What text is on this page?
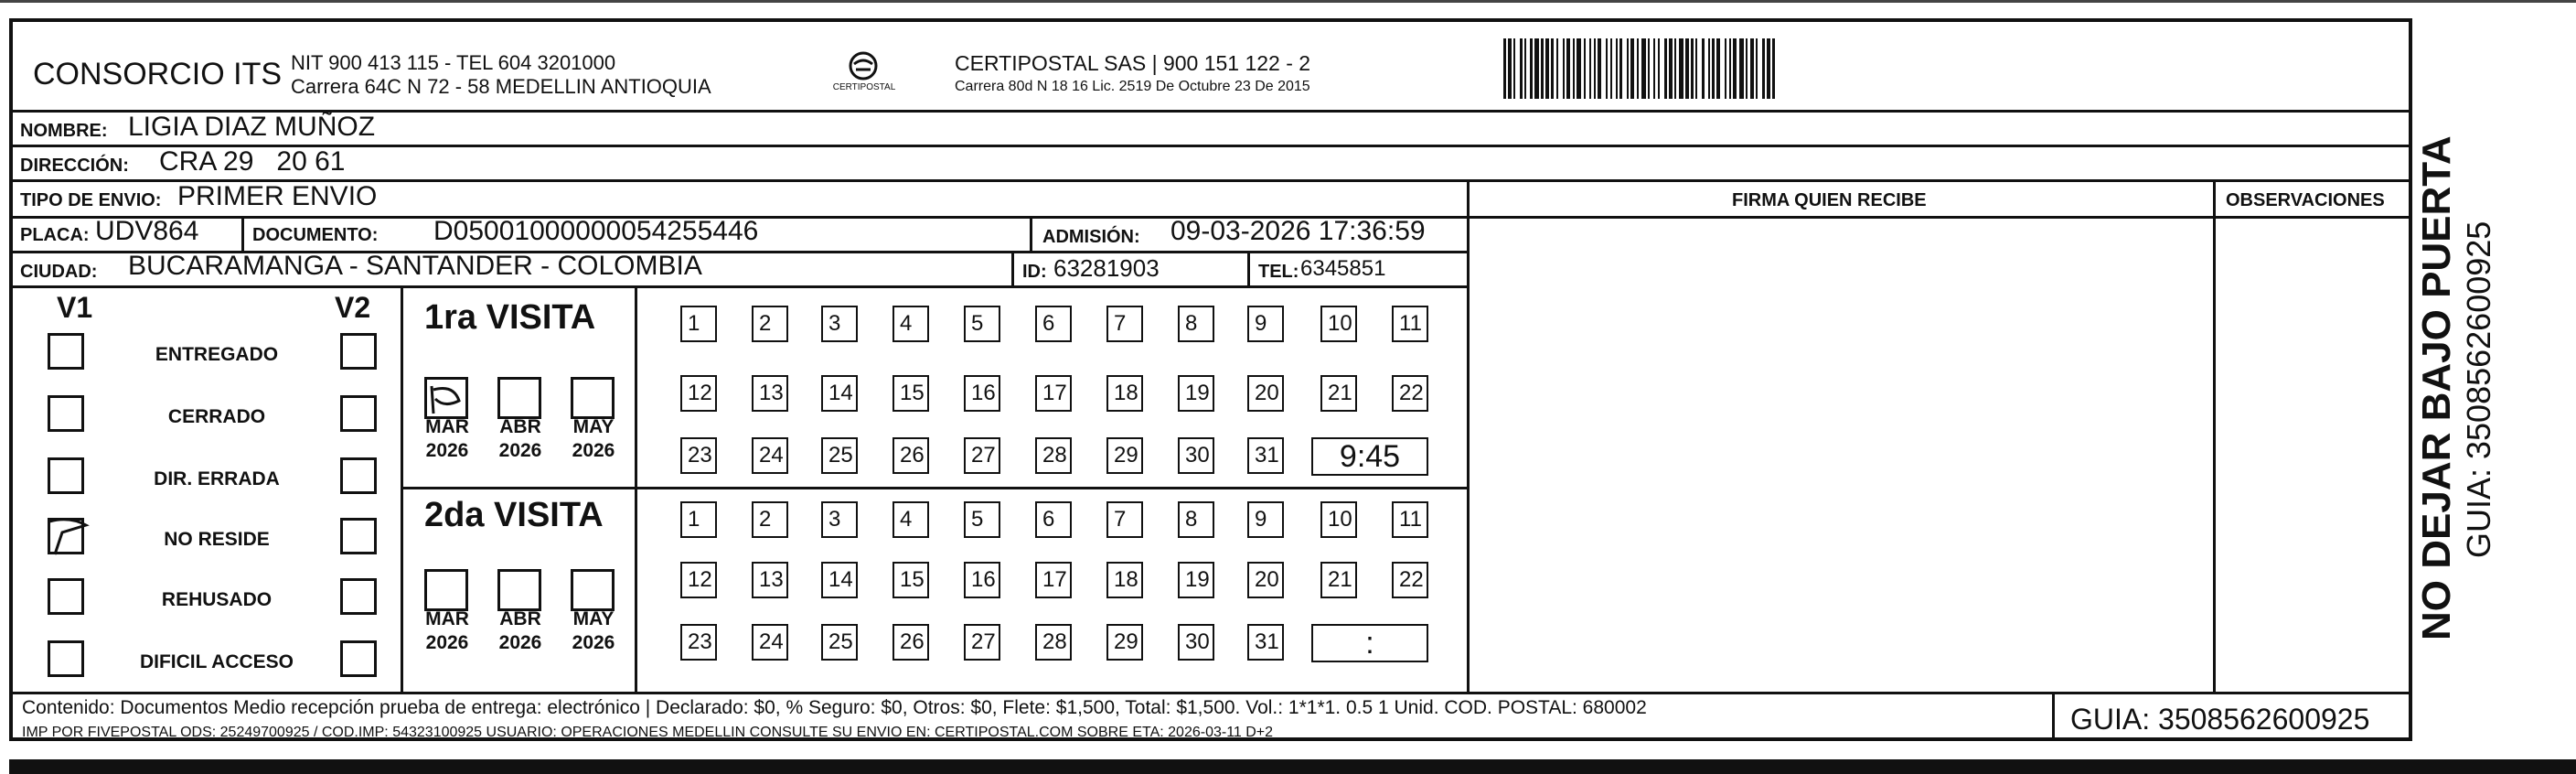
CONSORCIO ITS NIT 900 413 115 - TEL 604 3201000
Carrera 64C N 72 - 58 MEDELLIN ANTIOQUIA	CERTIPOSTAL
CERTIPOSTAL SAS | 900 151 122 - 2
Carrera 80d N 18 16 Lic. 2519 De Octubre 23 De 2015
NOMBRE: LIGIA DIAZ MUÑOZ
DIRECCIÓN: CRA 29   20 61
TIPO DE ENVIO: PRIMER ENVIO	FIRMA QUIEN RECIBE	OBSERVACIONES
PLACA: UDV864	DOCUMENTO: D05001000000054255446	ADMISIÓN: 09-03-2026 17:36:59
CIUDAD: BUCARAMANGA - SANTANDER - COLOMBIA	ID: 63281903	TEL: 6345851
V1	V2
ENTREGADO
CERRADO
DIR. ERRADA
NO RESIDE
REHUSADO
DIFICIL ACCESO
1ra VISITA
2da VISITA
MAR
2026
ABR
2026
MAY
2026
MAR
2026
ABR
2026
MAY
2026
1	2	3	4	5	6	7	8	9	10	11
12	13	14	15	16	17	18	19	20	21	22
23	24	25	26	27	28	29	30	31	9:45
1	2	3	4	5	6	7	8	9	10	11
12	13	14	15	16	17	18	19	20	21	22
23	24	25	26	27	28	29	30	31	:
Contenido: Documentos Medio recepción prueba de entrega: electrónico | Declarado: $0, % Seguro: $0, Otros: $0, Flete: $1,500, Total: $1,500. Vol.: 1*1*1. 0.5 1 Unid. COD. POSTAL: 680002
IMP POR FIVEPOSTAL ODS: 25249700925 / COD.IMP: 54323100925 USUARIO: OPERACIONES MEDELLIN CONSULTE SU ENVIO EN: CERTIPOSTAL.COM SOBRE ETA: 2026-03-11 D+2	GUIA: 3508562600925
NO DEJAR BAJO PUERTA GUIA: 3508562600925
